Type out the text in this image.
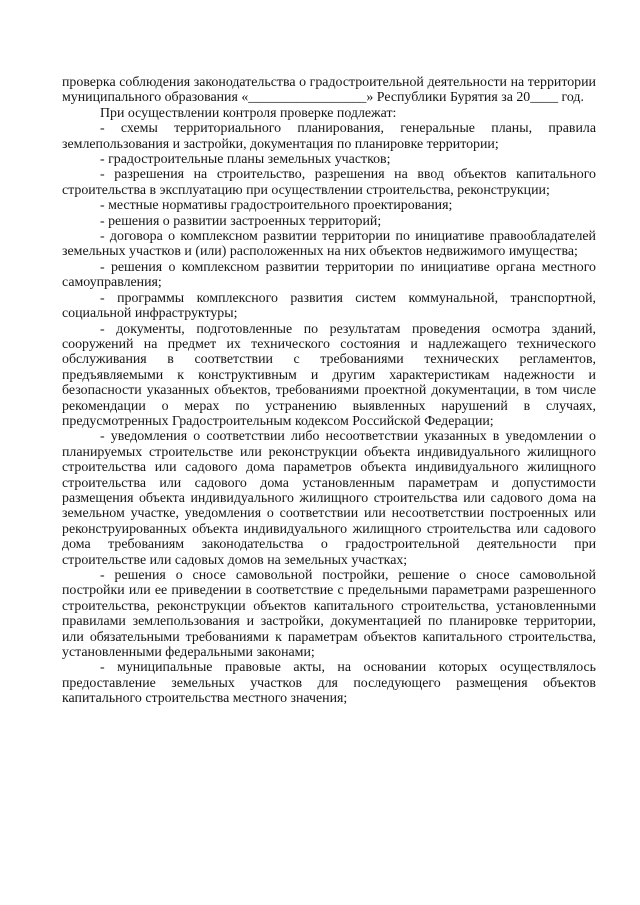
проверка соблюдения законодательства о градостроительной деятельности на территории муниципального образования «_________________» Республики Бурятия за 20____ год.

При осуществлении контроля проверке подлежат:

- схемы территориального планирования, генеральные планы, правила землепользования и застройки, документация по планировке территории;

- градостроительные планы земельных участков;

- разрешения на строительство, разрешения на ввод объектов капитального строительства в эксплуатацию при осуществлении строительства, реконструкции;

- местные нормативы градостроительного проектирования;

- решения о развитии застроенных территорий;

- договора о комплексном развитии территории по инициативе правообладателей земельных участков и (или) расположенных на них объектов недвижимого имущества;

- решения о комплексном развитии территории по инициативе органа местного самоуправления;

- программы комплексного развития систем коммунальной, транспортной, социальной инфраструктуры;

- документы, подготовленные по результатам проведения осмотра зданий, сооружений на предмет их технического состояния и надлежащего технического обслуживания в соответствии с требованиями технических регламентов, предъявляемыми к конструктивным и другим характеристикам надежности и безопасности указанных объектов, требованиями проектной документации, в том числе рекомендации о мерах по устранению выявленных нарушений в случаях, предусмотренных Градостроительным кодексом Российской Федерации;

- уведомления о соответствии либо несоответствии указанных в уведомлении о планируемых строительстве или реконструкции объекта индивидуального жилищного строительства или садового дома параметров объекта индивидуального жилищного строительства или садового дома установленным параметрам и допустимости размещения объекта индивидуального жилищного строительства или садового дома на земельном участке, уведомления о соответствии или несоответствии построенных или реконструированных объекта индивидуального жилищного строительства или садового дома требованиям законодательства о градостроительной деятельности при строительстве или садовых домов на земельных участках;

- решения о сносе самовольной постройки, решение о сносе самовольной постройки или ее приведении в соответствие с предельными параметрами разрешенного строительства, реконструкции объектов капитального строительства, установленными правилами землепользования и застройки, документацией по планировке территории, или обязательными требованиями к параметрам объектов капитального строительства, установленными федеральными законами;

- муниципальные правовые акты, на основании которых осуществлялось предоставление земельных участков для последующего размещения объектов капитального строительства местного значения;
